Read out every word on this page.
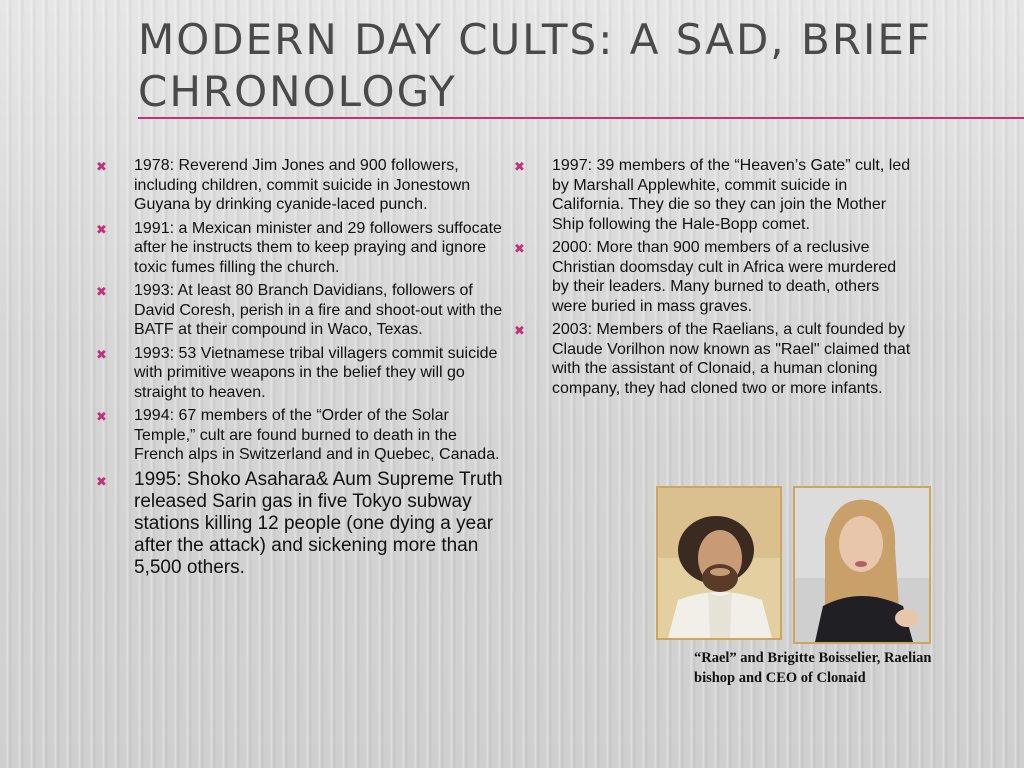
MODERN DAY CULTS: A SAD, BRIEF
CHRONOLOGY
✖ 1978: Reverend Jim Jones and 900 followers, including children, commit suicide in Jonestown Guyana by drinking cyanide-laced punch.
✖ 1991: a Mexican minister and 29 followers suffocate after he instructs them to keep praying and ignore toxic fumes filling the church.
✖ 1993: At least 80 Branch Davidians, followers of David Coresh, perish in a fire and shoot-out with the BATF at their compound in Waco, Texas.
✖ 1993: 53 Vietnamese tribal villagers commit suicide with primitive weapons in the belief they will go straight to heaven.
✖ 1994: 67 members of the “Order of the Solar Temple,” cult are found burned to death in the French alps in Switzerland and in Quebec, Canada.
✖ 1995: Shoko Asahara& Aum Supreme Truth released Sarin gas in five Tokyo subway stations killing 12 people (one dying a year after the attack) and sickening more than 5,500 others.
✖ 1997: 39 members of the “Heaven’s Gate” cult, led by Marshall Applewhite, commit suicide in California. They die so they can join the Mother Ship following the Hale-Bopp comet.
✖ 2000: More than 900 members of a reclusive Christian doomsday cult in Africa were murdered by their leaders. Many burned to death, others were buried in mass graves.
✖ 2003: Members of the Raelians, a cult founded by Claude Vorilhon now known as "Rael" claimed that with the assistant of Clonaid, a human cloning company, they had cloned two or more infants.
“Rael” and Brigitte Boisselier, Raelian bishop and CEO of Clonaid
